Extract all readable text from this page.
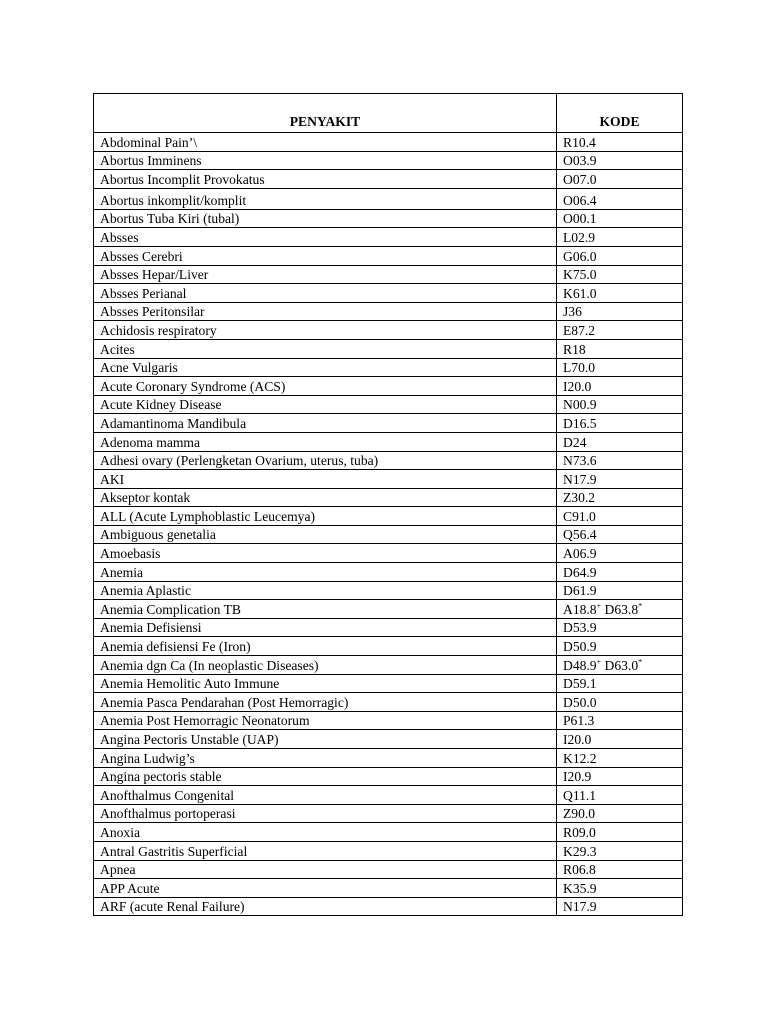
PENYAKIT	KODE
Abdominal Pain’\	R10.4
Abortus Imminens	O03.9
Abortus Incomplit Provokatus	O07.0
Abortus inkomplit/komplit	O06.4
Abortus Tuba Kiri (tubal)	O00.1
Absses	L02.9
Absses Cerebri	G06.0
Absses Hepar/Liver	K75.0
Absses Perianal	K61.0
Absses Peritonsilar	J36
Achidosis respiratory	E87.2
Acites	R18
Acne Vulgaris	L70.0
Acute Coronary Syndrome (ACS)	I20.0
Acute Kidney Disease	N00.9
Adamantinoma Mandibula	D16.5
Adenoma mamma	D24
Adhesi ovary (Perlengketan Ovarium, uterus, tuba)	N73.6
AKI	N17.9
Akseptor kontak	Z30.2
ALL (Acute Lymphoblastic Leucemya)	C91.0
Ambiguous genetalia	Q56.4
Amoebasis	A06.9
Anemia	D64.9
Anemia Aplastic	D61.9
Anemia Complication TB	A18.8+ D63.8*
Anemia Defisiensi	D53.9
Anemia defisiensi Fe (Iron)	D50.9
Anemia dgn Ca (In neoplastic Diseases)	D48.9+ D63.0*
Anemia Hemolitic Auto Immune	D59.1
Anemia Pasca Pendarahan (Post Hemorragic)	D50.0
Anemia Post Hemorragic Neonatorum	P61.3
Angina Pectoris Unstable (UAP)	I20.0
Angina Ludwig’s	K12.2
Angina pectoris stable	I20.9
Anofthalmus Congenital	Q11.1
Anofthalmus portoperasi	Z90.0
Anoxia	R09.0
Antral Gastritis Superficial	K29.3
Apnea	R06.8
APP Acute	K35.9
ARF (acute Renal Failure)	N17.9
